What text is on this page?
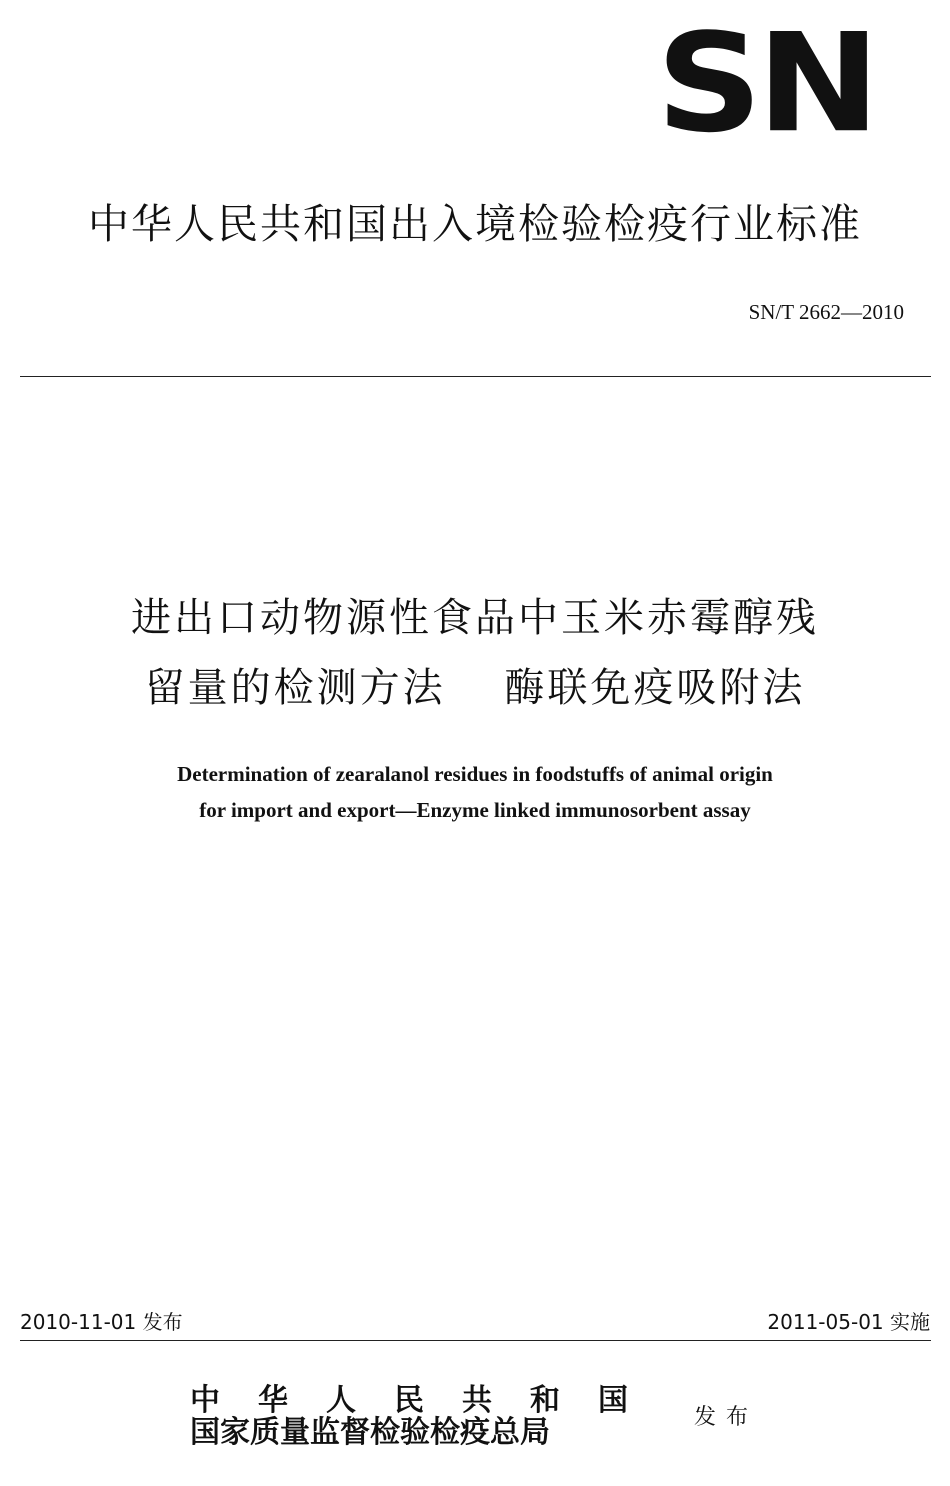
SN
中华人民共和国出入境检验检疫行业标准
SN/T 2662—2010
进出口动物源性食品中玉米赤霉醇残
留量的检测方法　 酶联免疫吸附法
Determination of zearalanol residues in foodstuffs of animal origin
for import and export—Enzyme linked immunosorbent assay
2010-11-01 发布	2011-05-01 实施
中华人民共和国
国家质量监督检验检疫总局	发布
